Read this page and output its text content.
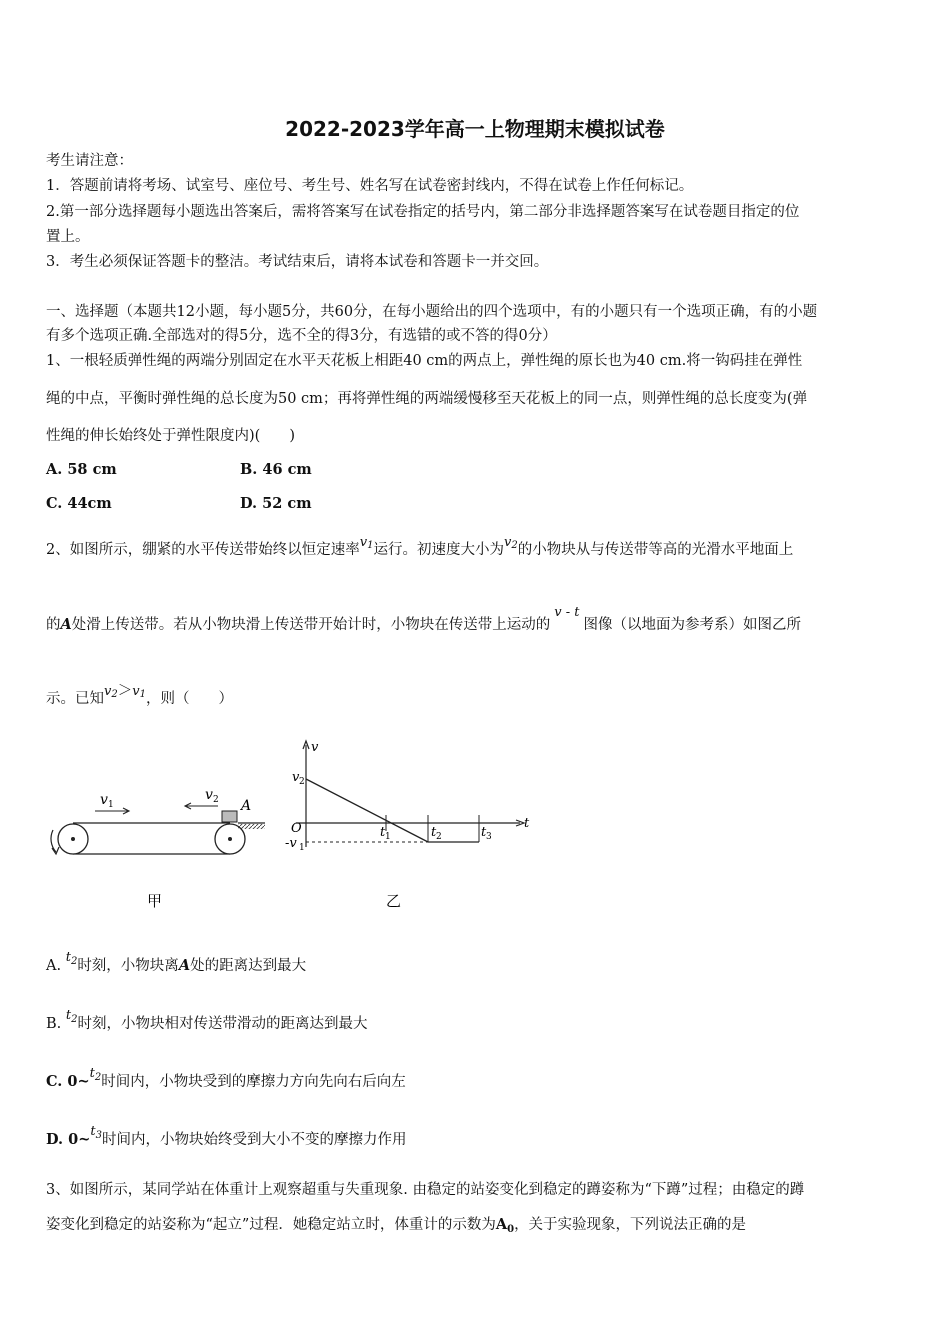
2022-2023学年高一上物理期末模拟试卷
考生请注意：
1．答题前请将考场、试室号、座位号、考生号、姓名写在试卷密封线内，不得在试卷上作任何标记。
2.第一部分选择题每小题选出答案后，需将答案写在试卷指定的括号内，第二部分非选择题答案写在试卷题目指定的位
置上。
3．考生必须保证答题卡的整洁。考试结束后，请将本试卷和答题卡一并交回。
一、选择题（本题共12小题，每小题5分，共60分，在每小题给出的四个选项中，有的小题只有一个选项正确，有的小题
有多个选项正确.全部选对的得5分，选不全的得3分，有选错的或不答的得0分）
1、一根轻质弹性绳的两端分别固定在水平天花板上相距40 cm的两点上，弹性绳的原长也为40 cm.将一钩码挂在弹性
绳的中点，平衡时弹性绳的总长度为50 cm；再将弹性绳的两端缓慢移至天花板上的同一点，则弹性绳的总长度变为(弹
性绳的伸长始终处于弹性限度内)(　　)
A. 58 cm	B. 46 cm
C. 44cm	D. 52 cm
2、如图所示，绷紧的水平传送带始终以恒定速率$v^1$运行。初速度大小为$v^2$的小物块从与传送带等高的光滑水平地面上
的A处滑上传送带。若从小物块滑上传送带开始计时，小物块在传送带上运动的v - t图像（以地面为参考系）如图乙所
示。已知$v^2>v^1$，则（　　）
v 1
v 2 A
甲
v
t
O
v 2
-v 1
t 1	t 2	t 3
乙
A. $t^2$时刻，小物块离A处的距离达到最大
B. $t^2$时刻，小物块相对传送带滑动的距离达到最大
C. $0\sim t^2$时间内，小物块受到的摩擦力方向先向右后向左
D. $0\sim t^3$时间内，小物块始终受到大小不变的摩擦力作用
3、如图所示，某同学站在体重计上观察超重与失重现象. 由稳定的站姿变化到稳定的蹲姿称为“下蹲”过程；由稳定的蹲
姿变化到稳定的站姿称为“起立”过程．她稳定站立时，体重计的示数为$A_0$，关于实验现象，下列说法正确的是
